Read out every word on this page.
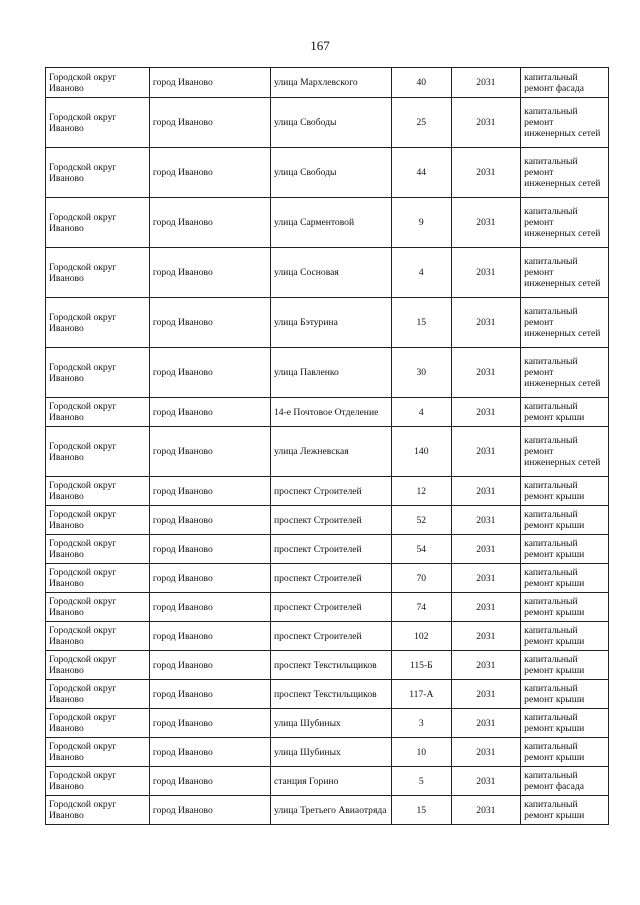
167
Городской округ Иваново	город Иваново	улица Мархлевского	40	2031	капитальный ремонт фасада
Городской округ Иваново	город Иваново	улица Свободы	25	2031	капитальный ремонт инженерных сетей
Городской округ Иваново	город Иваново	улица Свободы	44	2031	капитальный ремонт инженерных сетей
Городской округ Иваново	город Иваново	улица Сарментовой	9	2031	капитальный ремонт инженерных сетей
Городской округ Иваново	город Иваново	улица Сосновая	4	2031	капитальный ремонт инженерных сетей
Городской округ Иваново	город Иваново	улица Бэтурина	15	2031	капитальный ремонт инженерных сетей
Городской округ Иваново	город Иваново	улица Павленко	30	2031	капитальный ремонт инженерных сетей
Городской округ Иваново	город Иваново	14-е Почтовое Отделение	4	2031	капитальный ремонт крыши
Городской округ Иваново	город Иваново	улица Лежневская	140	2031	капитальный ремонт инженерных сетей
Городской округ Иваново	город Иваново	проспект Строителей	12	2031	капитальный ремонт крыши
Городской округ Иваново	город Иваново	проспект Строителей	52	2031	капитальный ремонт крыши
Городской округ Иваново	город Иваново	проспект Строителей	54	2031	капитальный ремонт крыши
Городской округ Иваново	город Иваново	проспект Строителей	70	2031	капитальный ремонт крыши
Городской округ Иваново	город Иваново	проспект Строителей	74	2031	капитальный ремонт крыши
Городской округ Иваново	город Иваново	проспект Строителей	102	2031	капитальный ремонт крыши
Городской округ Иваново	город Иваново	проспект Текстильщиков	115-Б	2031	капитальный ремонт крыши
Городской округ Иваново	город Иваново	проспект Текстильщиков	117-А	2031	капитальный ремонт крыши
Городской округ Иваново	город Иваново	улица Шубиных	3	2031	капитальный ремонт крыши
Городской округ Иваново	город Иваново	улица Шубиных	10	2031	капитальный ремонт крыши
Городской округ Иваново	город Иваново	станция Горино	5	2031	капитальный ремонт фасада
Городской округ Иваново	город Иваново	улица Третьего Авиаотряда	15	2031	капитальный ремонт крыши
